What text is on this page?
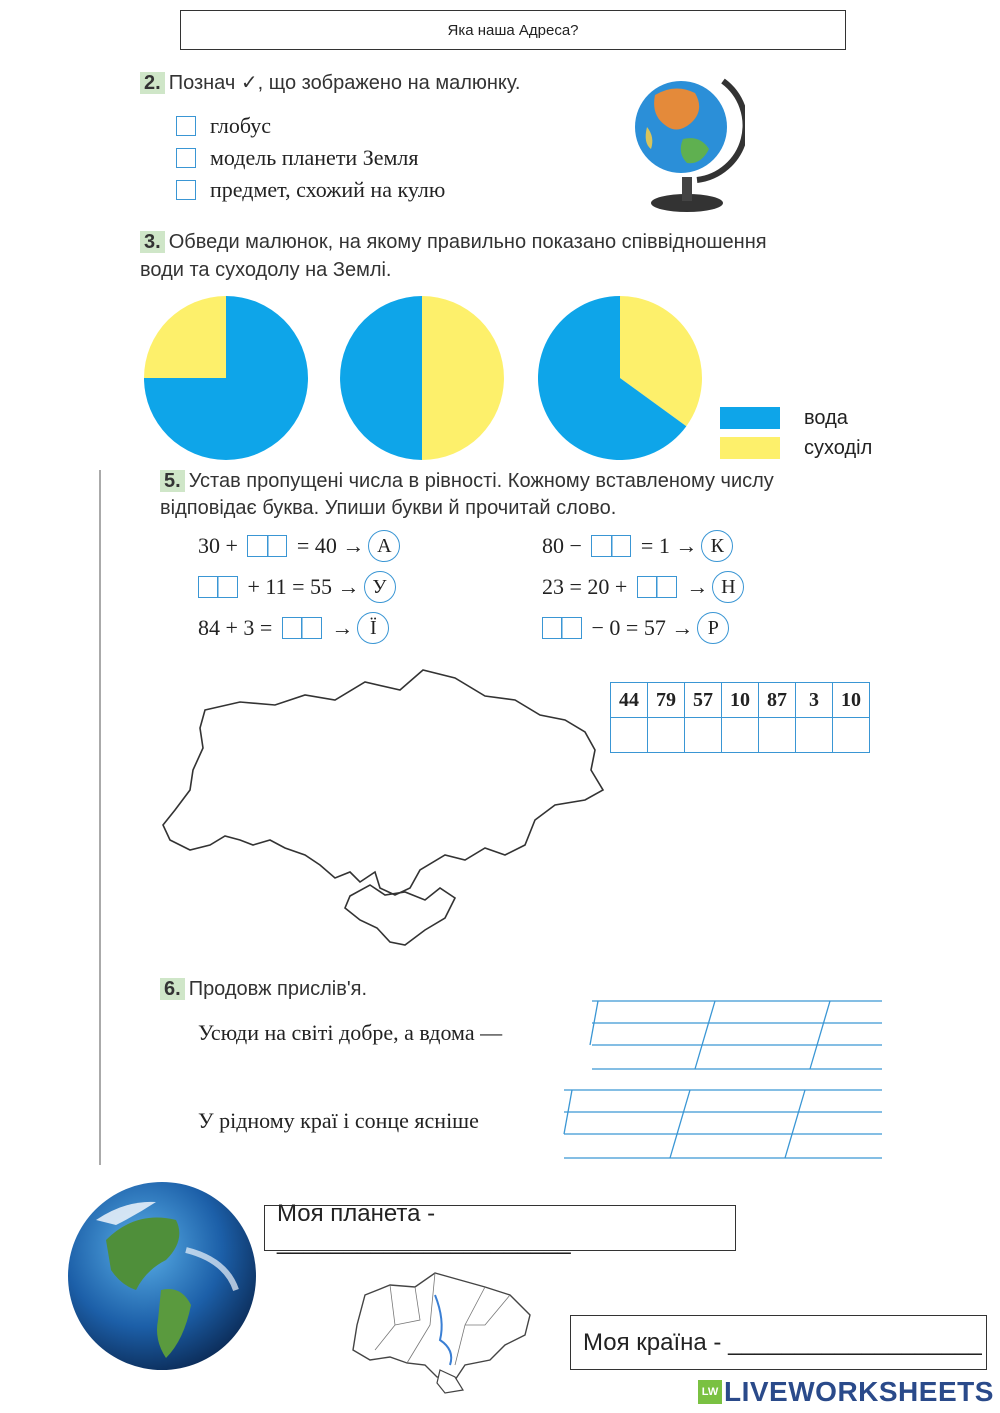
Яка наша Адреса?
2. Познач ✓, що зображено на малюнку.
глобус
модель планети Земля
предмет, схожий на кулю
3. Обведи малюнок, на якому правильно показано співвідношення
води та суходолу на Землі.
вода
суходіл
5. Устав пропущені числа в рівності. Кожному вставленому числу
відповідає буква. Упиши букви й прочитай слово.
30 + = 40 → А
+ 11 = 55 → У
84 + 3 = → Ї
80 − = 1 → К
23 = 20 + → Н
− 0 = 57 → Р
44	79	57	10	87	3	10

6. Продовж прислів'я.
Усюди на світі добре, а вдома —
У рідному краї і сонце ясніше
Моя планета - ______________________
Моя країна - ___________________
LW LIVEWORKSHEETS
